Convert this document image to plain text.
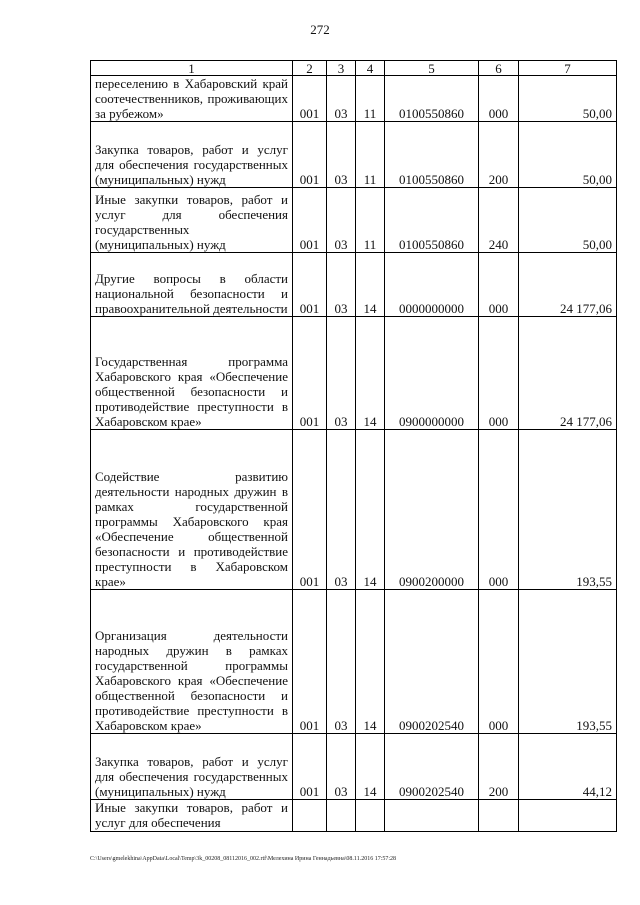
272
1	2	3	4	5	6	7
переселению в Хабаровский край соотечественников, проживающих за рубежом»	001	03	11	0100550860	000	50,00
Закупка товаров, работ и услуг для обеспечения государственных (муниципальных) нужд	001	03	11	0100550860	200	50,00
Иные закупки товаров, работ и услуг для обеспечения государственных (муниципальных) нужд	001	03	11	0100550860	240	50,00
Другие вопросы в области национальной безопасности и правоохранительной деятельности	001	03	14	0000000000	000	24 177,06
Государственная программа Хабаровского края «Обеспечение общественной безопасности и противодействие преступности в Хабаровском крае»	001	03	14	0900000000	000	24 177,06
Содействие развитию деятельности народных дружин в рамках государственной программы Хабаровского края «Обеспечение общественной безопасности и противодействие преступности в Хабаровском крае»	001	03	14	0900200000	000	193,55
Организация деятельности народных дружин в рамках государственной программы Хабаровского края «Обеспечение общественной безопасности и противодействие преступности в Хабаровском крае»	001	03	14	0900202540	000	193,55
Закупка товаров, работ и услуг для обеспечения государственных (муниципальных) нужд	001	03	14	0900202540	200	44,12
Иные закупки товаров, работ и услуг для обеспечения						
C:\Users\gmelekhina\AppData\Local\Temp\3k_00208_08112016_002.rtf\Мелехина Ирина Геннадьевна\08.11.2016 17:57:28
